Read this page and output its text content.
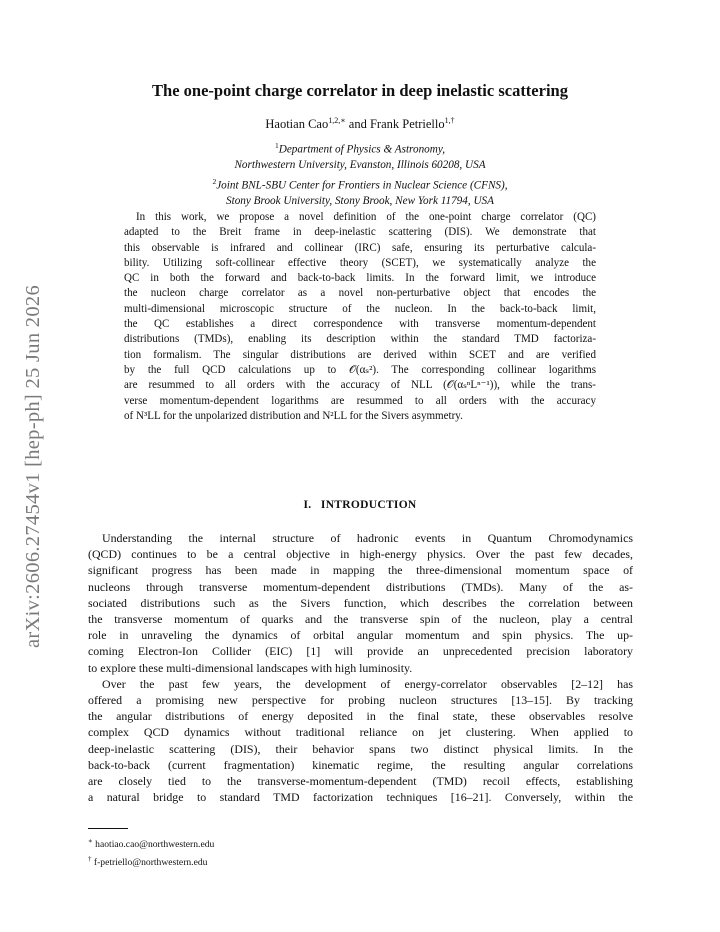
arXiv:2606.27454v1 [hep-ph] 25 Jun 2026
The one-point charge correlator in deep inelastic scattering
Haotian Cao$^{1,2,∗}$ and Frank Petriello$^{1,\dagger}$
$^1$Department of Physics & Astronomy,
Northwestern University, Evanston, Illinois 60208, USA
$^2$Joint BNL-SBU Center for Frontiers in Nuclear Science (CFNS),
Stony Brook University, Stony Brook, New York 11794, USA
In this work, we propose a novel definition of the one-point charge correlator (QC)
adapted to the Breit frame in deep-inelastic scattering (DIS). We demonstrate that
this observable is infrared and collinear (IRC) safe, ensuring its perturbative calcula-
bility. Utilizing soft-collinear effective theory (SCET), we systematically analyze the
QC in both the forward and back-to-back limits. In the forward limit, we introduce
the nucleon charge correlator as a novel non-perturbative object that encodes the
multi-dimensional microscopic structure of the nucleon. In the back-to-back limit,
the QC establishes a direct correspondence with transverse momentum-dependent
distributions (TMDs), enabling its description within the standard TMD factoriza-
tion formalism. The singular distributions are derived within SCET and are verified
by the full QCD calculations up to 𝒪(αₛ²). The corresponding collinear logarithms
are resummed to all orders with the accuracy of NLL (𝒪(αₛⁿLⁿ⁻¹)), while the trans-
verse momentum-dependent logarithms are resummed to all orders with the accuracy
of N³LL for the unpolarized distribution and N²LL for the Sivers asymmetry.
I.   INTRODUCTION
Understanding the internal structure of hadronic events in Quantum Chromodynamics
(QCD) continues to be a central objective in high-energy physics. Over the past few decades,
significant progress has been made in mapping the three-dimensional momentum space of
nucleons through transverse momentum-dependent distributions (TMDs). Many of the as-
sociated distributions such as the Sivers function, which describes the correlation between
the transverse momentum of quarks and the transverse spin of the nucleon, play a central
role in unraveling the dynamics of orbital angular momentum and spin physics. The up-
coming Electron-Ion Collider (EIC) [1] will provide an unprecedented precision laboratory
to explore these multi-dimensional landscapes with high luminosity.
Over the past few years, the development of energy-correlator observables [2–12] has
offered a promising new perspective for probing nucleon structures [13–15]. By tracking
the angular distributions of energy deposited in the final state, these observables resolve
complex QCD dynamics without traditional reliance on jet clustering. When applied to
deep-inelastic scattering (DIS), their behavior spans two distinct physical limits. In the
back-to-back (current fragmentation) kinematic regime, the resulting angular correlations
are closely tied to the transverse-momentum-dependent (TMD) recoil effects, establishing
a natural bridge to standard TMD factorization techniques [16–21]. Conversely, within the
∗ haotiao.cao@northwestern.edu
† f-petriello@northwestern.edu
